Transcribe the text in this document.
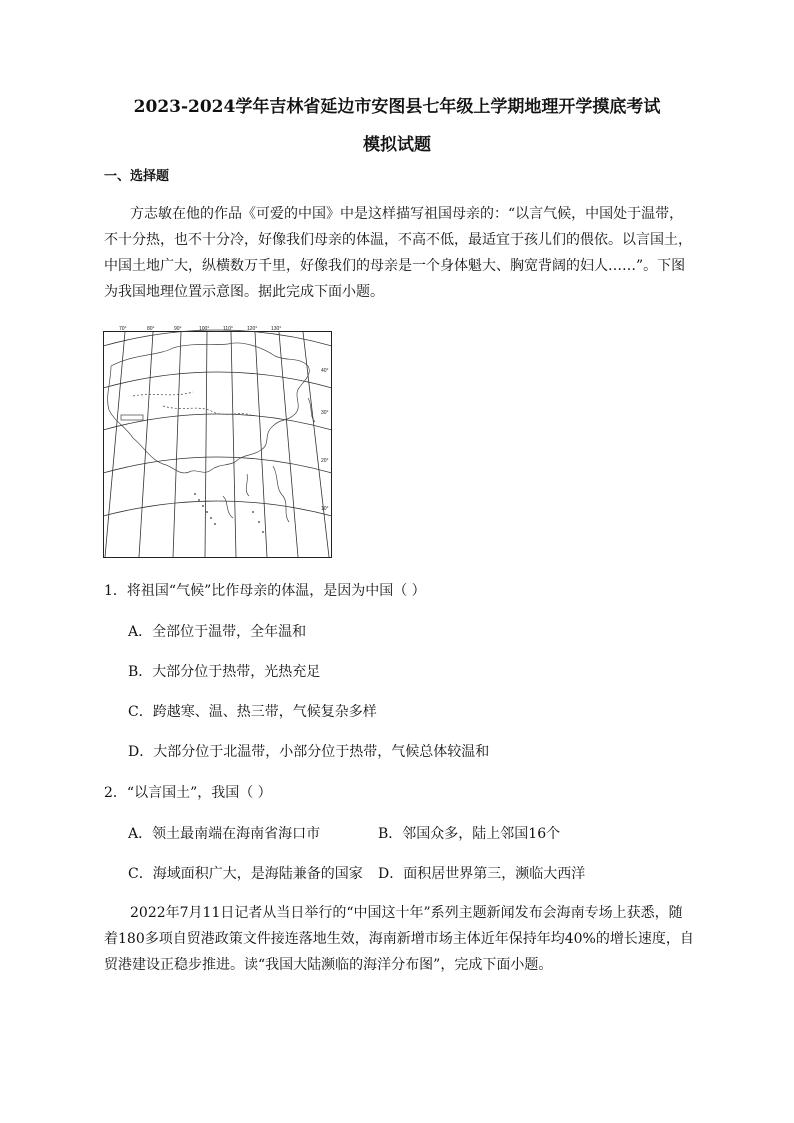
2023-2024学年吉林省延边市安图县七年级上学期地理开学摸底考试
模拟试题
一、选择题
方志敏在他的作品《可爱的中国》中是这样描写祖国母亲的：“以言气候，中国处于温带，不十分热，也不十分冷，好像我们母亲的体温，不高不低，最适宜于孩儿们的偎依。以言国土，中国土地广大，纵横数万千里，好像我们的母亲是一个身体魁大、胸宽背阔的妇人……”。下图为我国地理位置示意图。据此完成下面小题。
70°	80°	90°	100°	110°	120°	130°
40°
30°
20°
10°
1．将祖国“气候”比作母亲的体温，是因为中国（ ）
A．全部位于温带，全年温和
B．大部分位于热带，光热充足
C．跨越寒、温、热三带，气候复杂多样
D．大部分位于北温带，小部分位于热带，气候总体较温和
2．“以言国土”，我国（ ）
A．领土最南端在海南省海口市	B．邻国众多，陆上邻国16个
C．海域面积广大，是海陆兼备的国家 D．面积居世界第三，濒临大西洋
2022年7月11日记者从当日举行的“中国这十年”系列主题新闻发布会海南专场上获悉，随着180多项自贸港政策文件接连落地生效，海南新增市场主体近年保持年均40%的增长速度，自贸港建设正稳步推进。读“我国大陆濒临的海洋分布图”，完成下面小题。
